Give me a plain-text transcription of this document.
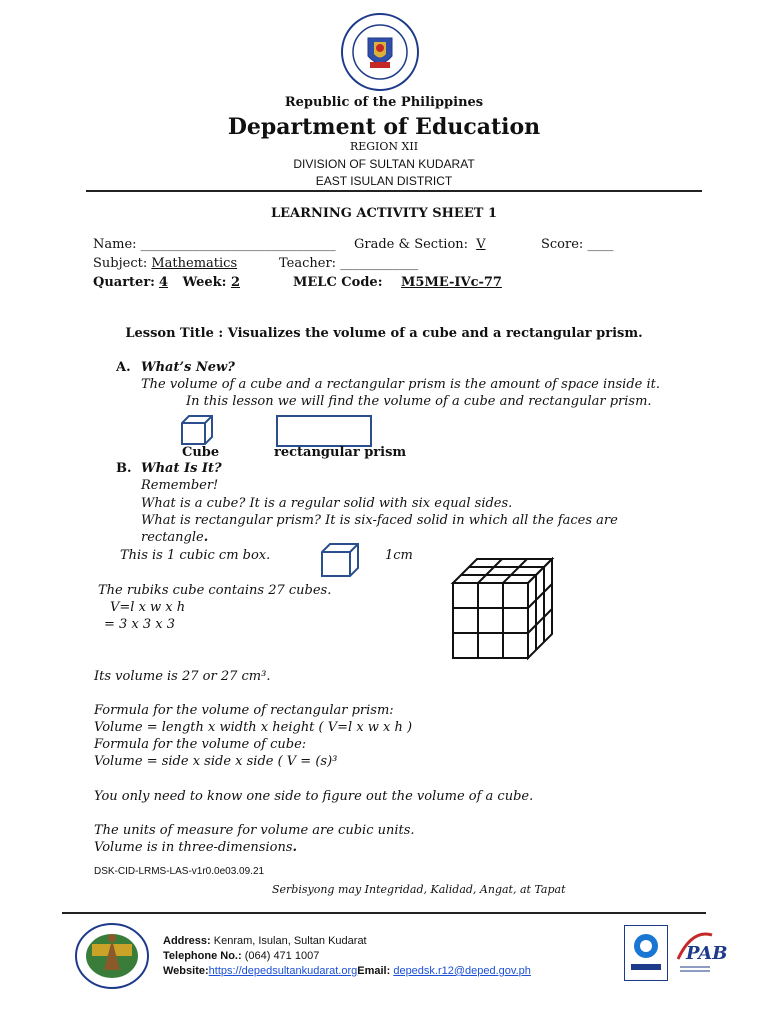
Republic of the Philippines
Department of Education
REGION XII
DIVISION OF SULTAN KUDARAT
EAST ISULAN DISTRICT
LEARNING ACTIVITY SHEET 1
Name: ______________________________ Grade & Section: V	Score: ____
Subject: Mathematics	Teacher: ____________
Quarter: 4 Week: 2	MELC Code: M5ME-IVc-77
Lesson Title : Visualizes the volume of a cube and a rectangular prism.
A. What’s New?
The volume of a cube and a rectangular prism is the amount of space inside it.
In this lesson we will find the volume of a cube and rectangular prism.
Cube	rectangular prism
B. What Is It?
Remember!
What is a cube? It is a regular solid with six equal sides.
What is rectangular prism? It is six-faced solid in which all the faces are
rectangle.
This is 1 cubic cm box.	1cm
The rubiks cube contains 27 cubes.
V=l x w x h
= 3 x 3 x 3
Its volume is 27 or 27 cm³.
Formula for the volume of rectangular prism:
Volume = length x width x height ( V=l x w x h )
Formula for the volume of cube:
Volume = side x side x side ( V = (s)³
You only need to know one side to figure out the volume of a cube.
The units of measure for volume are cubic units.
Volume is in three-dimensions.
DSK-CID-LRMS-LAS-v1r0.0e03.09.21
Serbisyong may Integridad, Kalidad, Angat, at Tapat
Address: Kenram, Isulan, Sultan Kudarat
Telephone No.: (064) 471 1007
Website:https://depedsultankudarat.orgEmail: depedsk.r12@deped.gov.ph
PAB
